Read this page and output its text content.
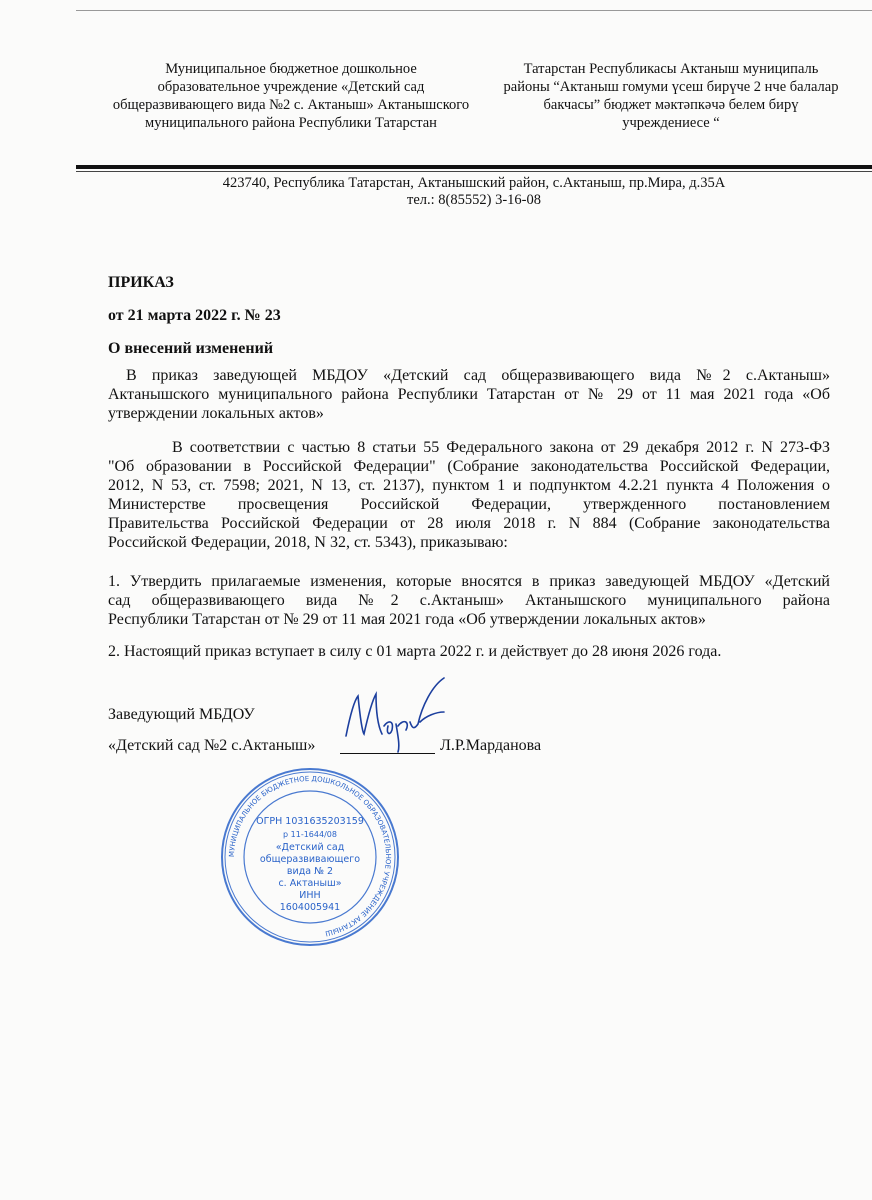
Муниципальное бюджетное дошкольное
образовательное учреждение «Детский сад
общеразвивающего вида №2 с. Актаныш» Актанышского
муниципального района Республики Татарстан
Татарстан Республикасы Актаныш муниципаль
районы “Актаныш гомуми үсеш бирүче 2 нче балалар
бакчасы” бюджет мәктәпкәчә белем бирү
учреждениесе “
423740, Республика Татарстан, Актанышский район, с.Актаныш, пр.Мира, д.35А
тел.: 8(85552) 3-16-08
ПРИКАЗ
от 21 марта 2022 г. № 23
О внесений изменений
В приказ заведующей МБДОУ «Детский сад общеразвивающего вида №2 с.Актаныш»
Актанышского муниципального района Республики Татарстан от № 29 от 11 мая 2021 года «Об
утверждении локальных актов»
В соответствии с частью 8 статьи 55 Федерального закона от 29 декабря 2012 г. N 273-ФЗ
"Об образовании в Российской Федерации" (Собрание законодательства Российской Федерации,
2012, N 53, ст. 7598; 2021, N 13, ст. 2137), пунктом 1 и подпунктом 4.2.21 пункта 4 Положения о
Министерстве просвещения Российской Федерации, утвержденного постановлением
Правительства Российской Федерации от 28 июля 2018 г. N 884 (Собрание законодательства
Российской Федерации, 2018, N 32, ст. 5343), приказываю:
1. Утвердить прилагаемые изменения, которые вносятся в приказ заведующей МБДОУ «Детский
сад общеразвивающего вида №2 с.Актаныш» Актанышского муниципального района
Республики Татарстан от № 29 от 11 мая 2021 года «Об утверждении локальных актов»
2. Настоящий приказ вступает в силу с 01 марта 2022 г. и действует до 28 июня 2026 года.
Заведующий МБДОУ
«Детский сад №2 с.Актаныш»	Л.Р.Марданова
МУНИЦИПАЛЬНОЕ БЮДЖЕТНОЕ ДОШКОЛЬНОЕ ОБРАЗОВАТЕЛЬНОЕ УЧРЕЖДЕНИЕ АКТАНЫШ
ОГРН 1031635203159
р 11-1644/08
«Детский сад
общеразвивающего
вида № 2
с. Актаныш»
ИНН
1604005941
